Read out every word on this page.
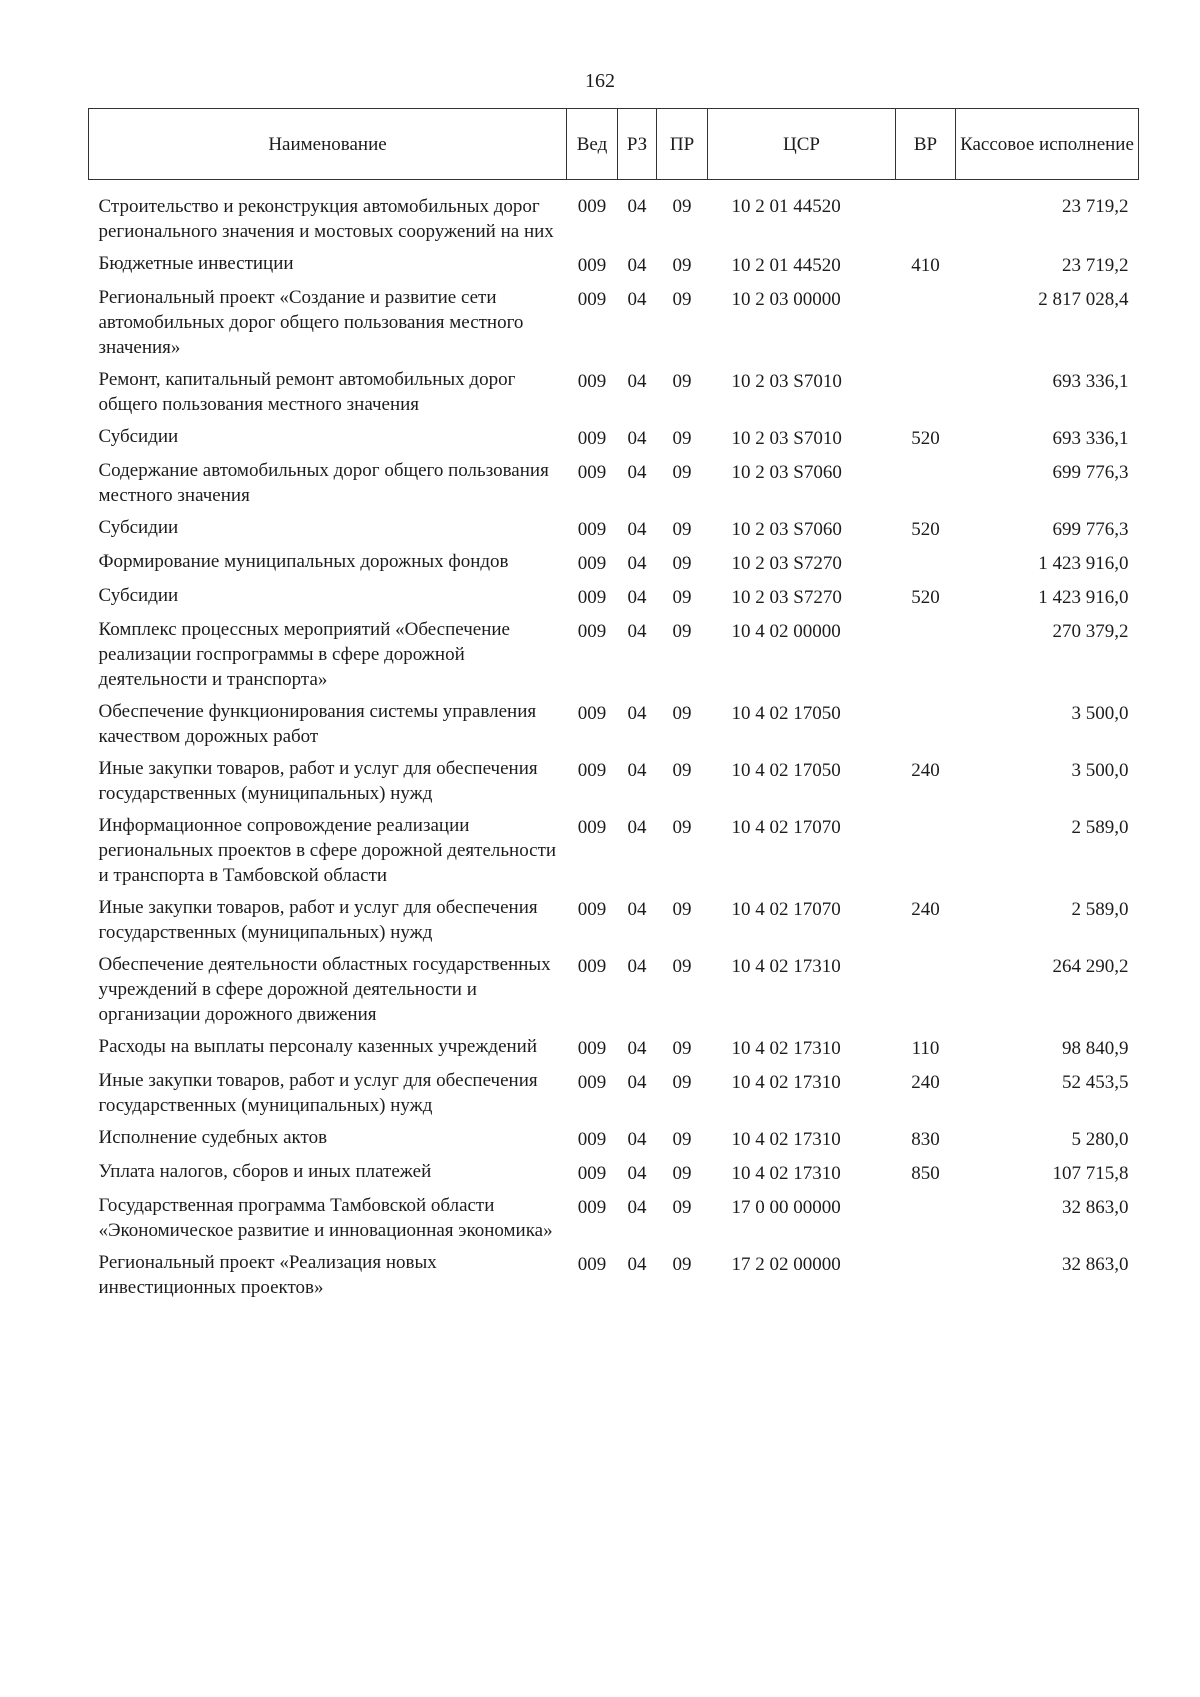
162
Наименование	Вед	РЗ	ПР	ЦСР	ВР	Кассовое исполнение
Строительство и реконструкция автомобильных дорог регионального значения и мостовых сооружений на них	009	04	09	10 2 01 44520		23 719,2
Бюджетные инвестиции	009	04	09	10 2 01 44520	410	23 719,2
Региональный проект «Создание и развитие сети автомобильных дорог общего пользования местного значения»	009	04	09	10 2 03 00000		2 817 028,4
Ремонт, капитальный ремонт автомобильных дорог общего пользования местного значения	009	04	09	10 2 03 S7010		693 336,1
Субсидии	009	04	09	10 2 03 S7010	520	693 336,1
Содержание автомобильных дорог общего пользования местного значения	009	04	09	10 2 03 S7060		699 776,3
Субсидии	009	04	09	10 2 03 S7060	520	699 776,3
Формирование муниципальных дорожных фондов	009	04	09	10 2 03 S7270		1 423 916,0
Субсидии	009	04	09	10 2 03 S7270	520	1 423 916,0
Комплекс процессных мероприятий «Обеспечение реализации госпрограммы в сфере дорожной деятельности и транспорта»	009	04	09	10 4 02 00000		270 379,2
Обеспечение функционирования системы управления качеством дорожных работ	009	04	09	10 4 02 17050		3 500,0
Иные закупки товаров, работ и услуг для обеспечения государственных (муниципальных) нужд	009	04	09	10 4 02 17050	240	3 500,0
Информационное сопровождение реализации региональных проектов в сфере дорожной деятельности и транспорта в Тамбовской области	009	04	09	10 4 02 17070		2 589,0
Иные закупки товаров, работ и услуг для обеспечения государственных (муниципальных) нужд	009	04	09	10 4 02 17070	240	2 589,0
Обеспечение деятельности областных государственных учреждений в сфере дорожной деятельности и организации дорожного движения	009	04	09	10 4 02 17310		264 290,2
Расходы на выплаты персоналу казенных учреждений	009	04	09	10 4 02 17310	110	98 840,9
Иные закупки товаров, работ и услуг для обеспечения государственных (муниципальных) нужд	009	04	09	10 4 02 17310	240	52 453,5
Исполнение судебных актов	009	04	09	10 4 02 17310	830	5 280,0
Уплата налогов, сборов и иных платежей	009	04	09	10 4 02 17310	850	107 715,8
Государственная программа Тамбовской области «Экономическое развитие и инновационная экономика»	009	04	09	17 0 00 00000		32 863,0
Региональный проект «Реализация новых инвестиционных проектов»	009	04	09	17 2 02 00000		32 863,0
